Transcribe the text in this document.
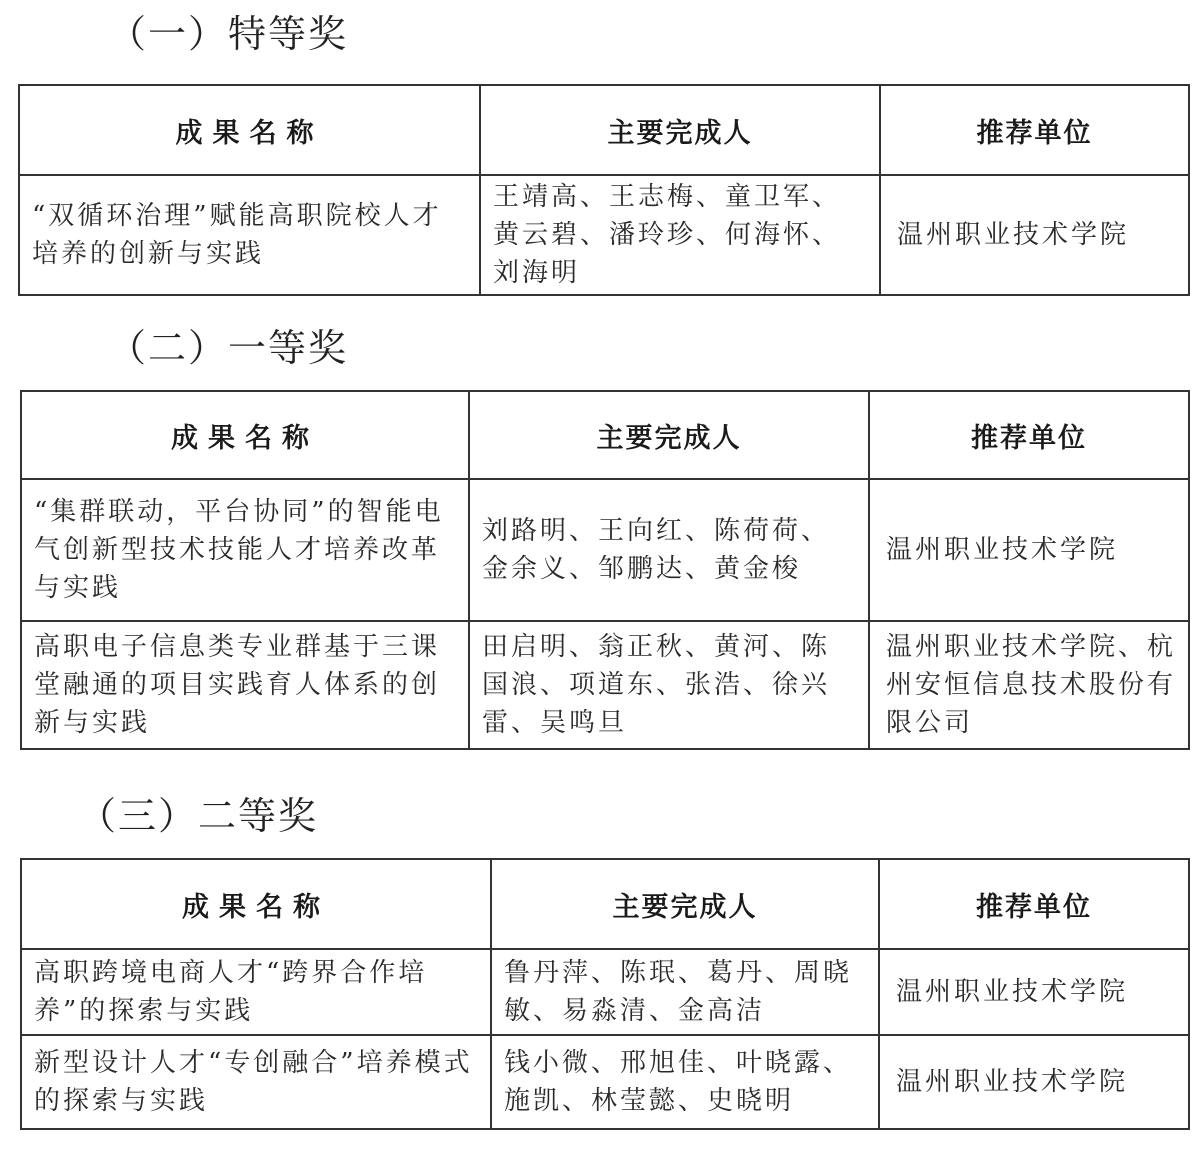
（一）特等奖
成果名称	主要完成人	推荐单位
“双循环治理”赋能高职院校人才培养的创新与实践	王靖高、王志梅、童卫军、黄云碧、潘玲珍、何海怀、刘海明	温州职业技术学院
（二）一等奖
成果名称	主要完成人	推荐单位
“集群联动，平台协同”的智能电气创新型技术技能人才培养改革与实践	刘路明、王向红、陈荷荷、金余义、邹鹏达、黄金梭	温州职业技术学院
高职电子信息类专业群基于三课堂融通的项目实践育人体系的创新与实践	田启明、翁正秋、黄河、陈国浪、项道东、张浩、徐兴雷、吴鸣旦	温州职业技术学院、杭州安恒信息技术股份有限公司
（三）二等奖
成果名称	主要完成人	推荐单位
高职跨境电商人才“跨界合作培养”的探索与实践	鲁丹萍、陈珉、葛丹、周晓敏、易淼清、金高洁	温州职业技术学院
新型设计人才“专创融合”培养模式的探索与实践	钱小微、邢旭佳、叶晓露、施凯、林莹懿、史晓明	温州职业技术学院
